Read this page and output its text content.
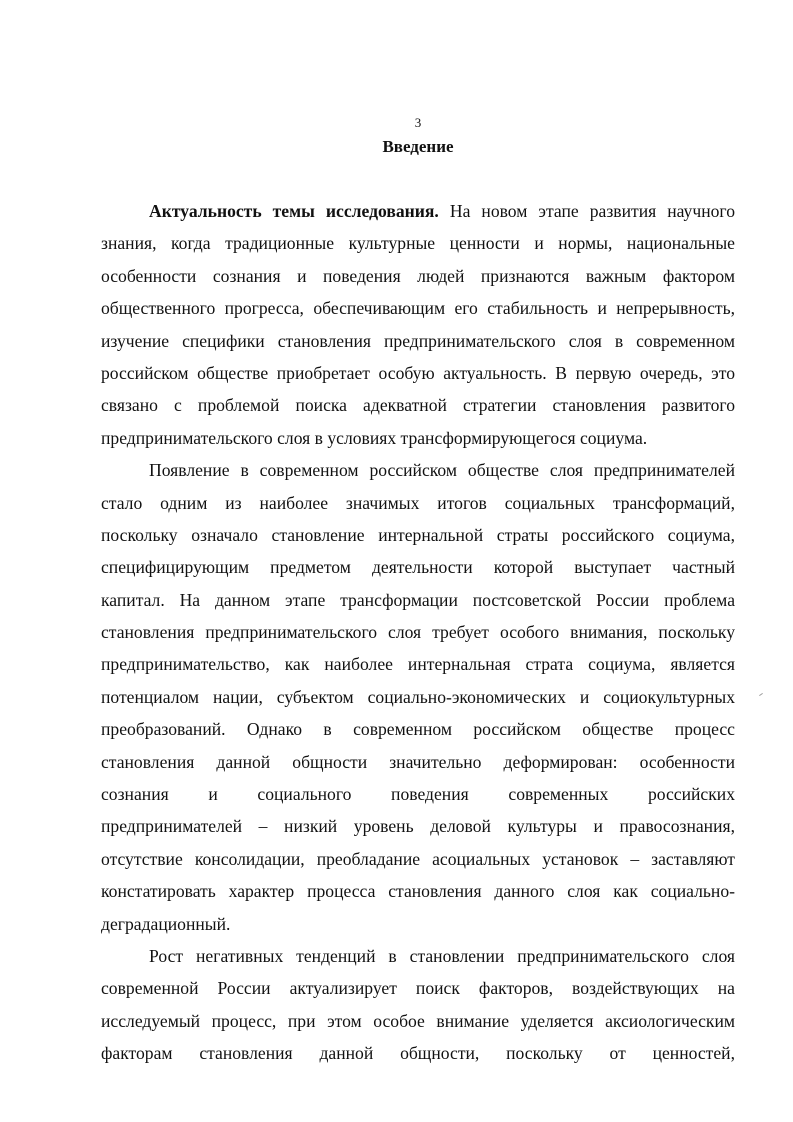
3
Введение
Актуальность темы исследования. На новом этапе развития научного
знания, когда традиционные культурные ценности и нормы, национальные
особенности сознания и поведения людей признаются важным фактором
общественного прогресса, обеспечивающим его стабильность и непрерывность,
изучение специфики становления предпринимательского слоя в современном
российском обществе приобретает особую актуальность. В первую очередь, это
связано с проблемой поиска адекватной стратегии становления развитого
предпринимательского слоя в условиях трансформирующегося социума.
Появление в современном российском обществе слоя предпринимателей
стало одним из наиболее значимых итогов социальных трансформаций,
поскольку означало становление интернальной страты российского социума,
специфицирующим предметом деятельности которой выступает частный
капитал. На данном этапе трансформации постсоветской России проблема
становления предпринимательского слоя требует особого внимания, поскольку
предпринимательство, как наиболее интернальная страта социума, является
потенциалом нации, субъектом социально-экономических и социокультурных
преобразований. Однако в современном российском обществе процесс
становления данной общности значительно деформирован: особенности
сознания и социального поведения современных российских
предпринимателей – низкий уровень деловой культуры и правосознания,
отсутствие консолидации, преобладание асоциальных установок – заставляют
констатировать характер процесса становления данного слоя как социально-
деградационный.
Рост негативных тенденций в становлении предпринимательского слоя
современной России актуализирует поиск факторов, воздействующих на
исследуемый процесс, при этом особое внимание уделяется аксиологическим
факторам становления данной общности, поскольку от ценностей,
